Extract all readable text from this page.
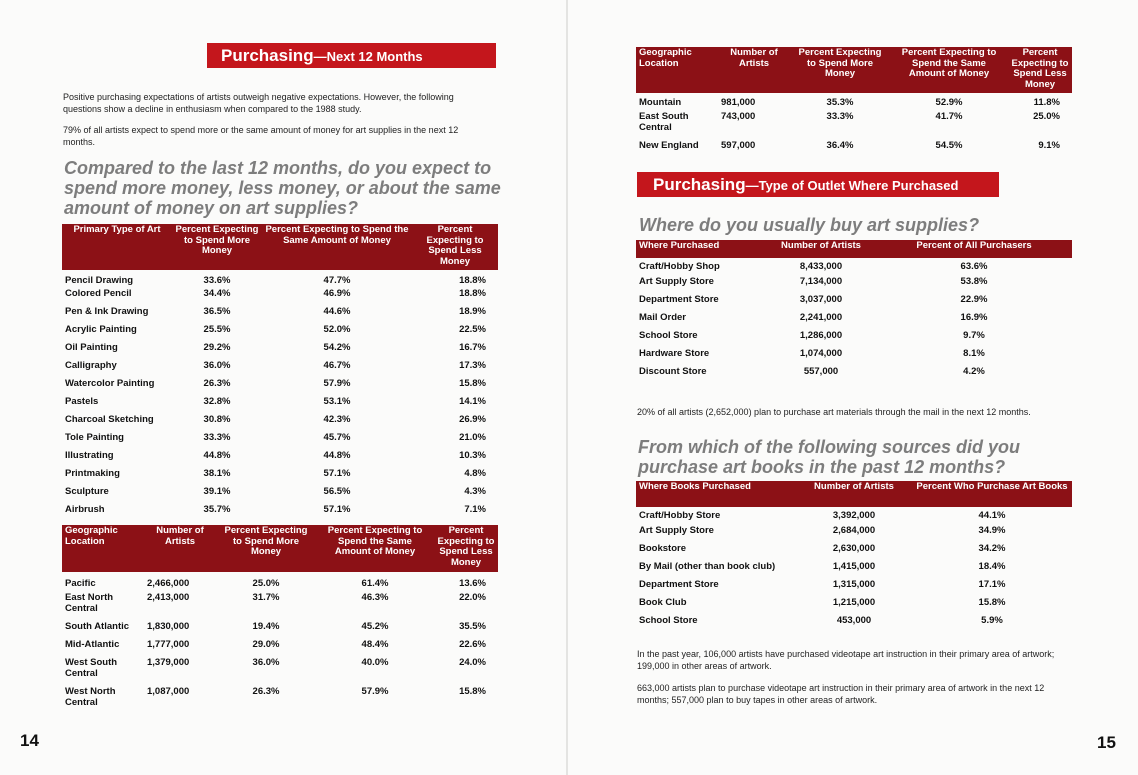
Purchasing—Next 12 Months

Positive purchasing expectations of artists outweigh negative expectations. However, the following questions show a decline in enthusiasm when compared to the 1988 study.

79% of all artists expect to spend more or the same amount of money for art supplies in the next 12 months.

Compared to the last 12 months, do you expect to spend more money, less money, or about the same amount of money on art supplies?

Primary Type of Art	Percent Expecting to Spend More Money	Percent Expecting to Spend the Same Amount of Money	Percent Expecting to Spend Less Money
Pencil Drawing	33.6%	47.7%	18.8%
Colored Pencil	34.4%	46.9%	18.8%
Pen & Ink Drawing	36.5%	44.6%	18.9%
Acrylic Painting	25.5%	52.0%	22.5%
Oil Painting	29.2%	54.2%	16.7%
Calligraphy	36.0%	46.7%	17.3%
Watercolor Painting	26.3%	57.9%	15.8%
Pastels	32.8%	53.1%	14.1%
Charcoal Sketching	30.8%	42.3%	26.9%
Tole Painting	33.3%	45.7%	21.0%
Illustrating	44.8%	44.8%	10.3%
Printmaking	38.1%	57.1%	4.8%
Sculpture	39.1%	56.5%	4.3%
Airbrush	35.7%	57.1%	7.1%
Geographic Location	Number of Artists	Percent Expecting to Spend More Money	Percent Expecting to Spend the Same Amount of Money	Percent Expecting to Spend Less Money
Pacific	2,466,000	25.0%	61.4%	13.6%
East North Central	2,413,000	31.7%	46.3%	22.0%
South Atlantic	1,830,000	19.4%	45.2%	35.5%
Mid-Atlantic	1,777,000	29.0%	48.4%	22.6%
West South Central	1,379,000	36.0%	40.0%	24.0%
West North Central	1,087,000	26.3%	57.9%	15.8%
14
Geographic Location	Number of Artists	Percent Expecting to Spend More Money	Percent Expecting to Spend the Same Amount of Money	Percent Expecting to Spend Less Money
Mountain	981,000	35.3%	52.9%	11.8%
East South Central	743,000	33.3%	41.7%	25.0%
New England	597,000	36.4%	54.5%	9.1%
Purchasing—Type of Outlet Where Purchased

Where do you usually buy art supplies?

Where Purchased	Number of Artists	Percent of All Purchasers
Craft/Hobby Shop	8,433,000	63.6%
Art Supply Store	7,134,000	53.8%
Department Store	3,037,000	22.9%
Mail Order	2,241,000	16.9%
School Store	1,286,000	9.7%
Hardware Store	1,074,000	8.1%
Discount Store	557,000	4.2%

20% of all artists (2,652,000) plan to purchase art materials through the mail in the next 12 months.

From which of the following sources did you purchase art books in the past 12 months?

Where Books Purchased	Number of Artists	Percent Who Purchase Art Books
Craft/Hobby Store	3,392,000	44.1%
Art Supply Store	2,684,000	34.9%
Bookstore	2,630,000	34.2%
By Mail (other than book club)	1,415,000	18.4%
Department Store	1,315,000	17.1%
Book Club	1,215,000	15.8%
School Store	453,000	5.9%

In the past year, 106,000 artists have purchased videotape art instruction in their primary area of artwork; 199,000 in other areas of artwork.

663,000 artists plan to purchase videotape art instruction in their primary area of artwork in the next 12 months; 557,000 plan to buy tapes in other areas of artwork.

15
